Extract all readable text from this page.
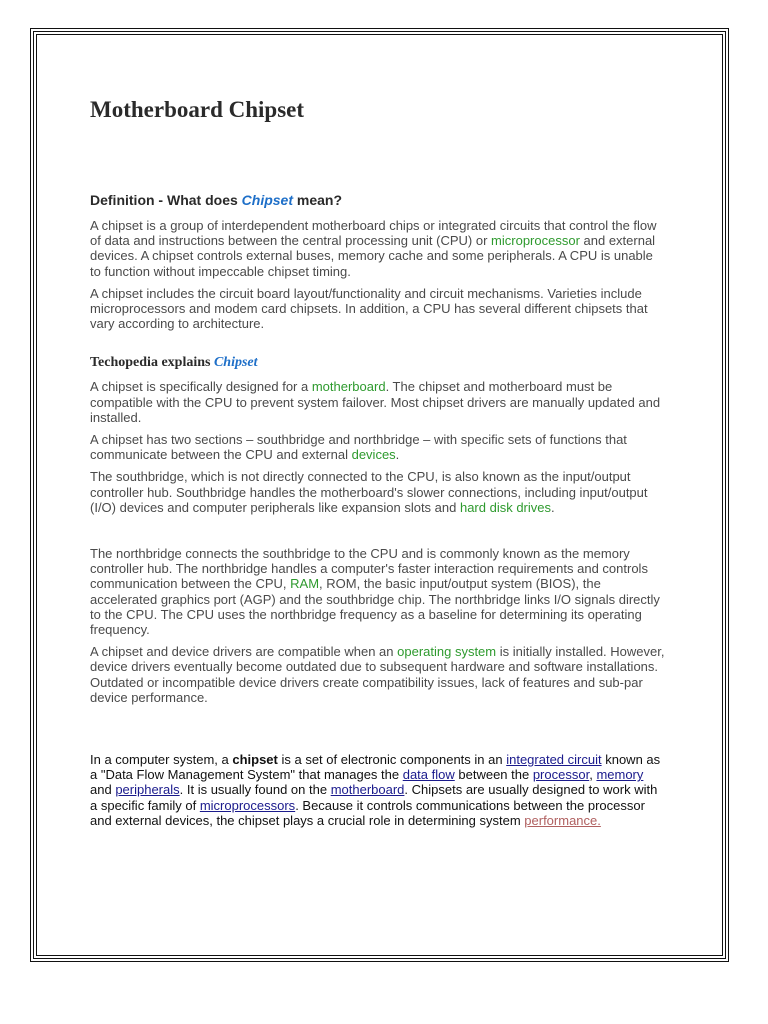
Motherboard Chipset
Definition - What does Chipset mean?

A chipset is a group of interdependent motherboard chips or integrated circuits that control the flow of data and instructions between the central processing unit (CPU) or microprocessor and external devices. A chipset controls external buses, memory cache and some peripherals. A CPU is unable to function without impeccable chipset timing.

A chipset includes the circuit board layout/functionality and circuit mechanisms. Varieties include microprocessors and modem card chipsets. In addition, a CPU has several different chipsets that vary according to architecture.

Techopedia explains Chipset

A chipset is specifically designed for a motherboard. The chipset and motherboard must be compatible with the CPU to prevent system failover. Most chipset drivers are manually updated and installed.

A chipset has two sections – southbridge and northbridge – with specific sets of functions that communicate between the CPU and external devices.

The southbridge, which is not directly connected to the CPU, is also known as the input/output controller hub. Southbridge handles the motherboard's slower connections, including input/output (I/O) devices and computer peripherals like expansion slots and hard disk drives.

The northbridge connects the southbridge to the CPU and is commonly known as the memory controller hub. The northbridge handles a computer's faster interaction requirements and controls communication between the CPU, RAM, ROM, the basic input/output system (BIOS), the accelerated graphics port (AGP) and the southbridge chip. The northbridge links I/O signals directly to the CPU. The CPU uses the northbridge frequency as a baseline for determining its operating frequency.

A chipset and device drivers are compatible when an operating system is initially installed. However, device drivers eventually become outdated due to subsequent hardware and software installations. Outdated or incompatible device drivers create compatibility issues, lack of features and sub-par device performance.

In a computer system, a chipset is a set of electronic components in an integrated circuit known as a "Data Flow Management System" that manages the data flow between the processor, memory and peripherals. It is usually found on the motherboard. Chipsets are usually designed to work with a specific family of microprocessors. Because it controls communications between the processor and external devices, the chipset plays a crucial role in determining system performance.
